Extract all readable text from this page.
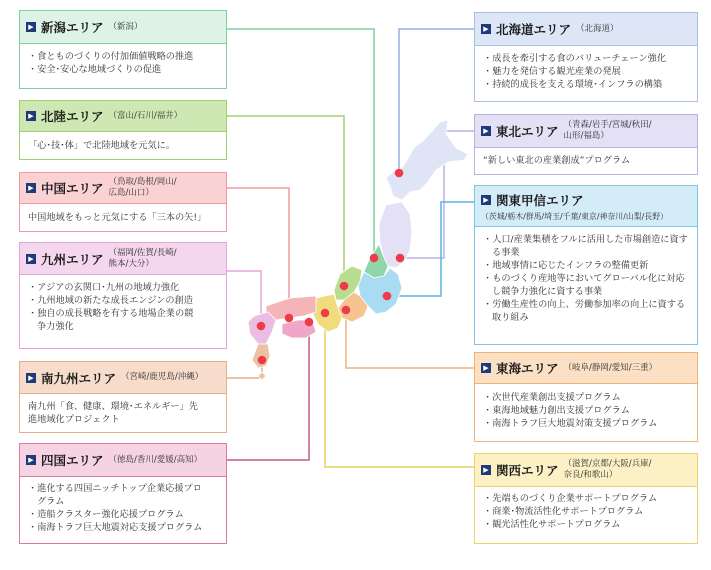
▶ 新潟エリア （新潟）
・ 食とものづくりの付加価値戦略の推進
・ 安全･安心な地域づくりの促進
▶ 北陸エリア （富山/石川/福井）

「心･技･体」で北陸地域を元気に。

▶ 中国エリア （鳥取/島根/岡山/
広島/山口）

中国地域をもっと元気にする「三本の矢!」

▶ 九州エリア （福岡/佐賀/長崎/
熊本/大分）
・ アジアの玄関口･九州の地域力強化
・ 九州地域の新たな成長エンジンの創造
・ 独自の成長戦略を有する地場企業の競争力強化
▶ 南九州エリア （宮崎/鹿児島/沖縄）

南九州「食、健康、環境･エネルギー」先進地域化プロジェクト

▶ 四国エリア （徳島/香川/愛媛/高知）
・ 進化する四国ニッチトップ企業応援プログラム
・ 造船クラスター強化応援プログラム
・ 南海トラフ巨大地震対応支援プログラム
▶ 北海道エリア （北海道）
・ 成長を牽引する食のバリューチェーン強化
・ 魅力を発信する観光産業の発展
・ 持続的成長を支える環境･インフラの構築
▶ 東北エリア （青森/岩手/宮城/秋田/
山形/福島）

“新しい東北の産業創成”プログラム

▶ 関東甲信エリア
（茨城/栃木/群馬/埼玉/千葉/東京/神奈川/山梨/長野）
・ 人口/産業集積をフルに活用した市場創造に資する事業
・ 地域事情に応じたインフラの整備更新
・ ものづくり産地等においてグローバル化に対応し競争力強化に資する事業
・ 労働生産性の向上、労働参加率の向上に資する取り組み
▶ 東海エリア （岐阜/静岡/愛知/三重）
・ 次世代産業創出支援プログラム
・ 東海地域魅力創出支援プログラム
・ 南海トラフ巨大地震対策支援プログラム
▶ 関西エリア （滋賀/京都/大阪/兵庫/
奈良/和歌山）
・ 先端ものづくり企業サポートプログラム
・ 商業･物流活性化サポートプログラム
・ 観光活性化サポートプログラム
